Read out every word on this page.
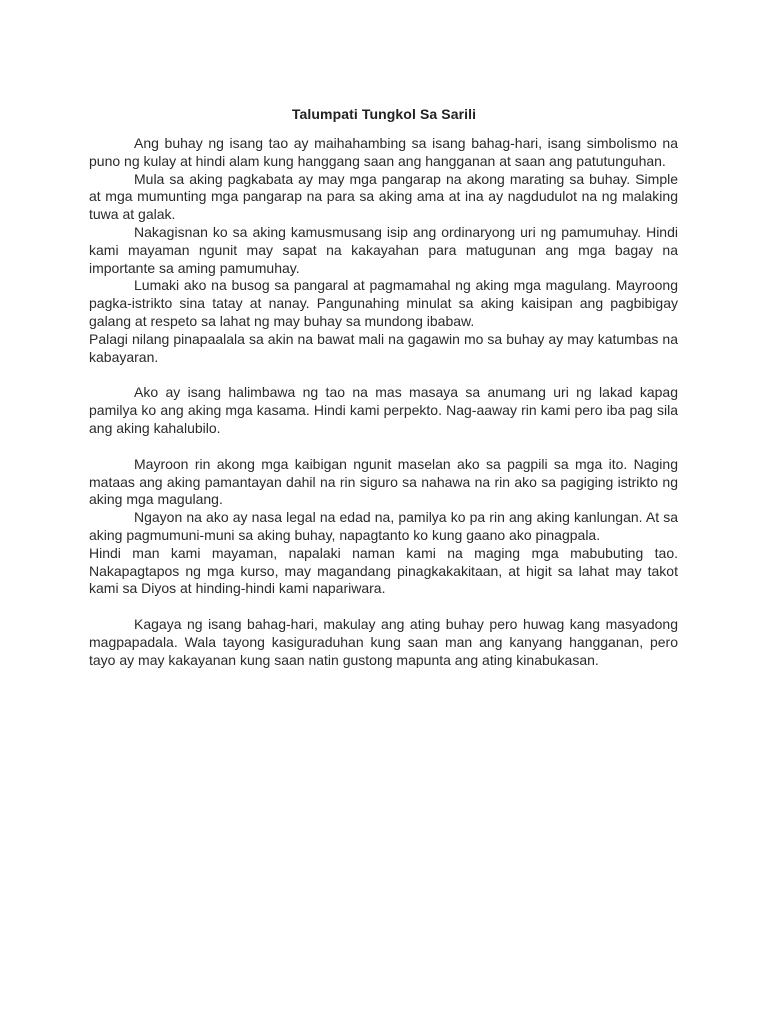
Talumpati Tungkol Sa Sarili

Ang buhay ng isang tao ay maihahambing sa isang bahag-hari, isang simbolismo na puno ng kulay at hindi alam kung hanggang saan ang hangganan at saan ang patutunguhan.

Mula sa aking pagkabata ay may mga pangarap na akong marating sa buhay. Simple at mga mumunting mga pangarap na para sa aking ama at ina ay nagdudulot na ng malaking tuwa at galak.

Nakagisnan ko sa aking kamusmusang isip ang ordinaryong uri ng pamumuhay. Hindi kami mayaman ngunit may sapat na kakayahan para matugunan ang mga bagay na importante sa aming pamumuhay.

Lumaki ako na busog sa pangaral at pagmamahal ng aking mga magulang. Mayroong pagka-istrikto sina tatay at nanay. Pangunahing minulat sa aking kaisipan ang pagbibigay galang at respeto sa lahat ng may buhay sa mundong ibabaw.

Palagi nilang pinapaalala sa akin na bawat mali na gagawin mo sa buhay ay may katumbas na kabayaran.

Ako ay isang halimbawa ng tao na mas masaya sa anumang uri ng lakad kapag pamilya ko ang aking mga kasama. Hindi kami perpekto. Nag-aaway rin kami pero iba pag sila ang aking kahalubilo.

Mayroon rin akong mga kaibigan ngunit maselan ako sa pagpili sa mga ito. Naging mataas ang aking pamantayan dahil na rin siguro sa nahawa na rin ako sa pagiging istrikto ng aking mga magulang.

Ngayon na ako ay nasa legal na edad na, pamilya ko pa rin ang aking kanlungan. At sa aking pagmumuni-muni sa aking buhay, napagtanto ko kung gaano ako pinagpala.

Hindi man kami mayaman, napalaki naman kami na maging mga mabubuting tao. Nakapagtapos ng mga kurso, may magandang pinagkakakitaan, at higit sa lahat may takot kami sa Diyos at hinding-hindi kami napariwara.

Kagaya ng isang bahag-hari, makulay ang ating buhay pero huwag kang masyadong magpapadala. Wala tayong kasiguraduhan kung saan man ang kanyang hangganan, pero tayo ay may kakayanan kung saan natin gustong mapunta ang ating kinabukasan.
